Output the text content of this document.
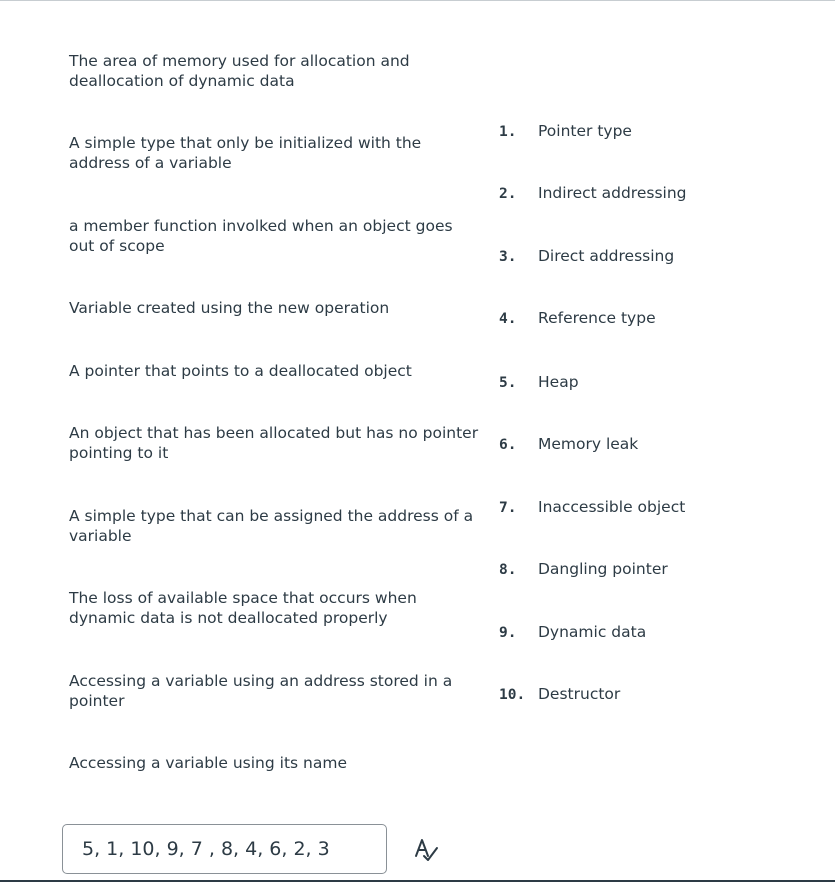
The area of memory used for allocation and deallocation of dynamic data
A simple type that only be initialized with the address of a variable
a member function involked when an object goes out of scope
Variable created using the new operation
A pointer that points to a deallocated object
An object that has been allocated but has no pointer pointing to it
A simple type that can be assigned the address of a variable
The loss of available space that occurs when dynamic data is not deallocated properly
Accessing a variable using an address stored in a pointer
Accessing a variable using its name
1. Pointer type
2. Indirect addressing
3. Direct addressing
4. Reference type
5. Heap
6. Memory leak
7. Inaccessible object
8. Dangling pointer
9. Dynamic data
10. Destructor
5, 1, 10, 9, 7 , 8, 4, 6, 2, 3
